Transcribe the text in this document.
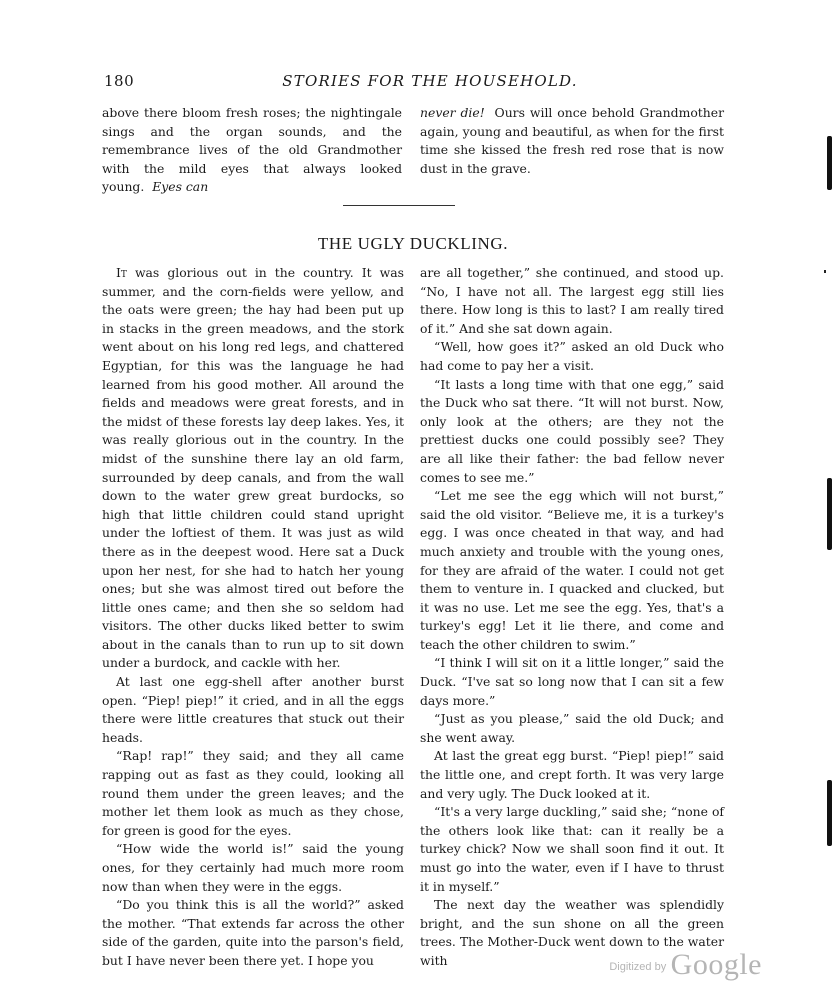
180	STORIES FOR THE HOUSEHOLD.

above there bloom fresh roses; the nightingale sings and the organ sounds, and the remembrance lives of the old Grandmother with the mild eyes that always looked young. Eyes can

never die! Ours will once behold Grandmother again, young and beautiful, as when for the first time she kissed the fresh red rose that is now dust in the grave.

THE UGLY DUCKLING.

It was glorious out in the country. It was summer, and the corn-fields were yellow, and the oats were green; the hay had been put up in stacks in the green meadows, and the stork went about on his long red legs, and chattered Egyptian, for this was the language he had learned from his good mother. All around the fields and meadows were great forests, and in the midst of these forests lay deep lakes. Yes, it was really glorious out in the country. In the midst of the sunshine there lay an old farm, surrounded by deep canals, and from the wall down to the water grew great burdocks, so high that little children could stand upright under the loftiest of them. It was just as wild there as in the deepest wood. Here sat a Duck upon her nest, for she had to hatch her young ones; but she was almost tired out before the little ones came; and then she so seldom had visitors. The other ducks liked better to swim about in the canals than to run up to sit down under a burdock, and cackle with her.

At last one egg-shell after another burst open. “Piep! piep!” it cried, and in all the eggs there were little creatures that stuck out their heads.

“Rap! rap!” they said; and they all came rapping out as fast as they could, looking all round them under the green leaves; and the mother let them look as much as they chose, for green is good for the eyes.

“How wide the world is!” said the young ones, for they certainly had much more room now than when they were in the eggs.

“Do you think this is all the world?” asked the mother. “That extends far across the other side of the garden, quite into the parson's field, but I have never been there yet. I hope you

are all together,” she continued, and stood up. “No, I have not all. The largest egg still lies there. How long is this to last? I am really tired of it.” And she sat down again.

“Well, how goes it?” asked an old Duck who had come to pay her a visit.

“It lasts a long time with that one egg,” said the Duck who sat there. “It will not burst. Now, only look at the others; are they not the prettiest ducks one could possibly see? They are all like their father: the bad fellow never comes to see me.”

“Let me see the egg which will not burst,” said the old visitor. “Believe me, it is a turkey's egg. I was once cheated in that way, and had much anxiety and trouble with the young ones, for they are afraid of the water. I could not get them to venture in. I quacked and clucked, but it was no use. Let me see the egg. Yes, that's a turkey's egg! Let it lie there, and come and teach the other children to swim.”

“I think I will sit on it a little longer,” said the Duck. “I've sat so long now that I can sit a few days more.”

“Just as you please,” said the old Duck; and she went away.

At last the great egg burst. “Piep! piep!” said the little one, and crept forth. It was very large and very ugly. The Duck looked at it.

“It's a very large duckling,” said she; “none of the others look like that: can it really be a turkey chick? Now we shall soon find it out. It must go into the water, even if I have to thrust it in myself.”

The next day the weather was splendidly bright, and the sun shone on all the green trees. The Mother-Duck went down to the water with	$^{Digitized by}$ Google
